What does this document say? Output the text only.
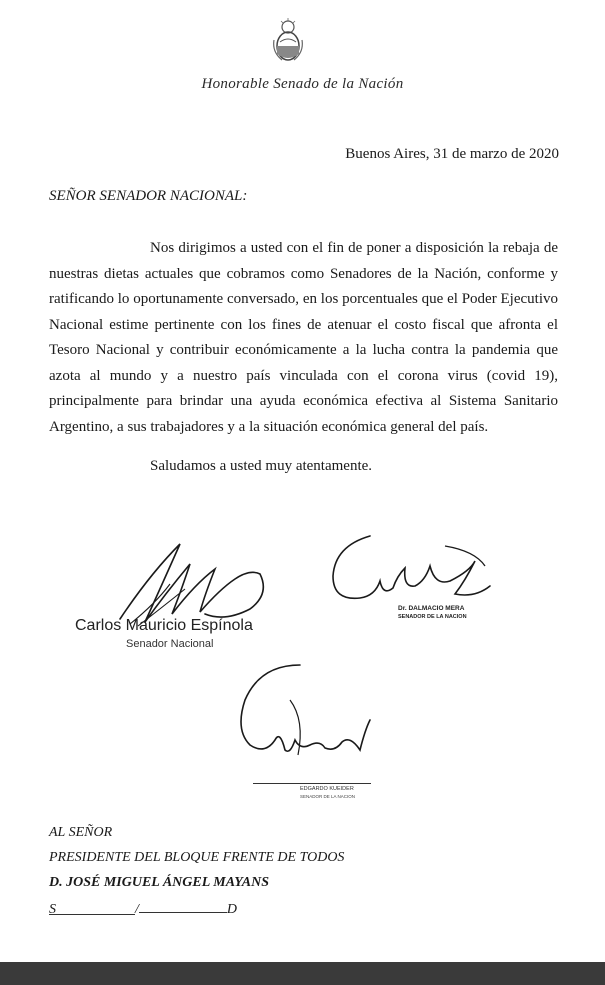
Honorable Senado de la Nación
Buenos Aires, 31 de marzo de 2020
SEÑOR SENADOR NACIONAL:

Nos dirigimos a usted con el fin de poner a disposición la rebaja de nuestras dietas actuales que cobramos como Senadores de la Nación, conforme y ratificando lo oportunamente conversado, en los porcentuales que el Poder Ejecutivo Nacional estime pertinente con los fines de atenuar el costo fiscal que afronta el Tesoro Nacional y contribuir económicamente a la lucha contra la pandemia que azota al mundo y a nuestro país vinculada con el corona virus (covid 19), principalmente para brindar una ayuda económica efectiva al Sistema Sanitario Argentino, a sus trabajadores y a la situación económica general del país.

Saludamos a usted muy atentamente.
Carlos Mauricio Espínola
Senador Nacional
Dr. DALMACIO MERA
SENADOR DE LA NACION
EDGARDO KUEIDER
SENADOR DE LA NACION
AL SEÑOR
PRESIDENTE DEL BLOQUE FRENTE DE TODOS
D. JOSÉ MIGUEL ÁNGEL MAYANS
S	/	D
